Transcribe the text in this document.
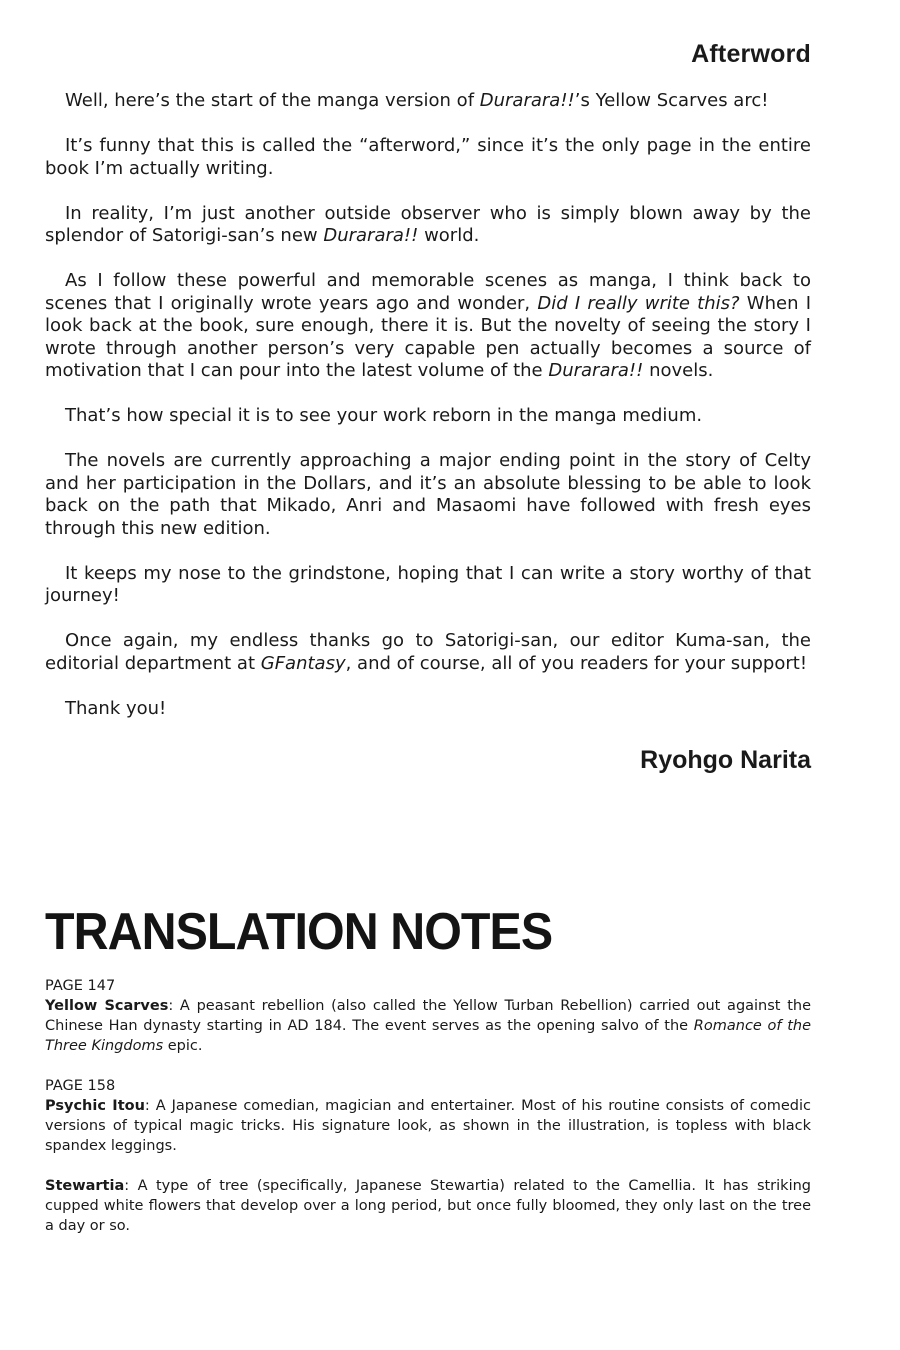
Afterword

Well, here’s the start of the manga version of Durarara!!’s Yellow Scarves arc!

It’s funny that this is called the “afterword,” since it’s the only page in the entire book I’m actually writing.

In reality, I’m just another outside observer who is simply blown away by the splendor of Satorigi-san’s new Durarara!! world.

As I follow these powerful and memorable scenes as manga, I think back to scenes that I originally wrote years ago and wonder, Did I really write this? When I look back at the book, sure enough, there it is. But the novelty of seeing the story I wrote through another person’s very capable pen actually becomes a source of motivation that I can pour into the latest volume of the Durarara!! novels.

That’s how special it is to see your work reborn in the manga medium.

The novels are currently approaching a major ending point in the story of Celty and her participation in the Dollars, and it’s an absolute blessing to be able to look back on the path that Mikado, Anri and Masaomi have followed with fresh eyes through this new edition.

It keeps my nose to the grindstone, hoping that I can write a story worthy of that journey!

Once again, my endless thanks go to Satorigi-san, our editor Kuma-san, the editorial department at GFantasy, and of course, all of you readers for your support!

Thank you!

Ryohgo Narita
TRANSLATION NOTES
PAGE 147
Yellow Scarves: A peasant rebellion (also called the Yellow Turban Rebellion) carried out against the Chinese Han dynasty starting in AD 184. The event serves as the opening salvo of the Romance of the Three Kingdoms epic.
PAGE 158
Psychic Itou: A Japanese comedian, magician and entertainer. Most of his routine consists of comedic versions of typical magic tricks. His signature look, as shown in the illustration, is topless with black spandex leggings.
Stewartia: A type of tree (specifically, Japanese Stewartia) related to the Camellia. It has striking cupped white flowers that develop over a long period, but once fully bloomed, they only last on the tree a day or so.
